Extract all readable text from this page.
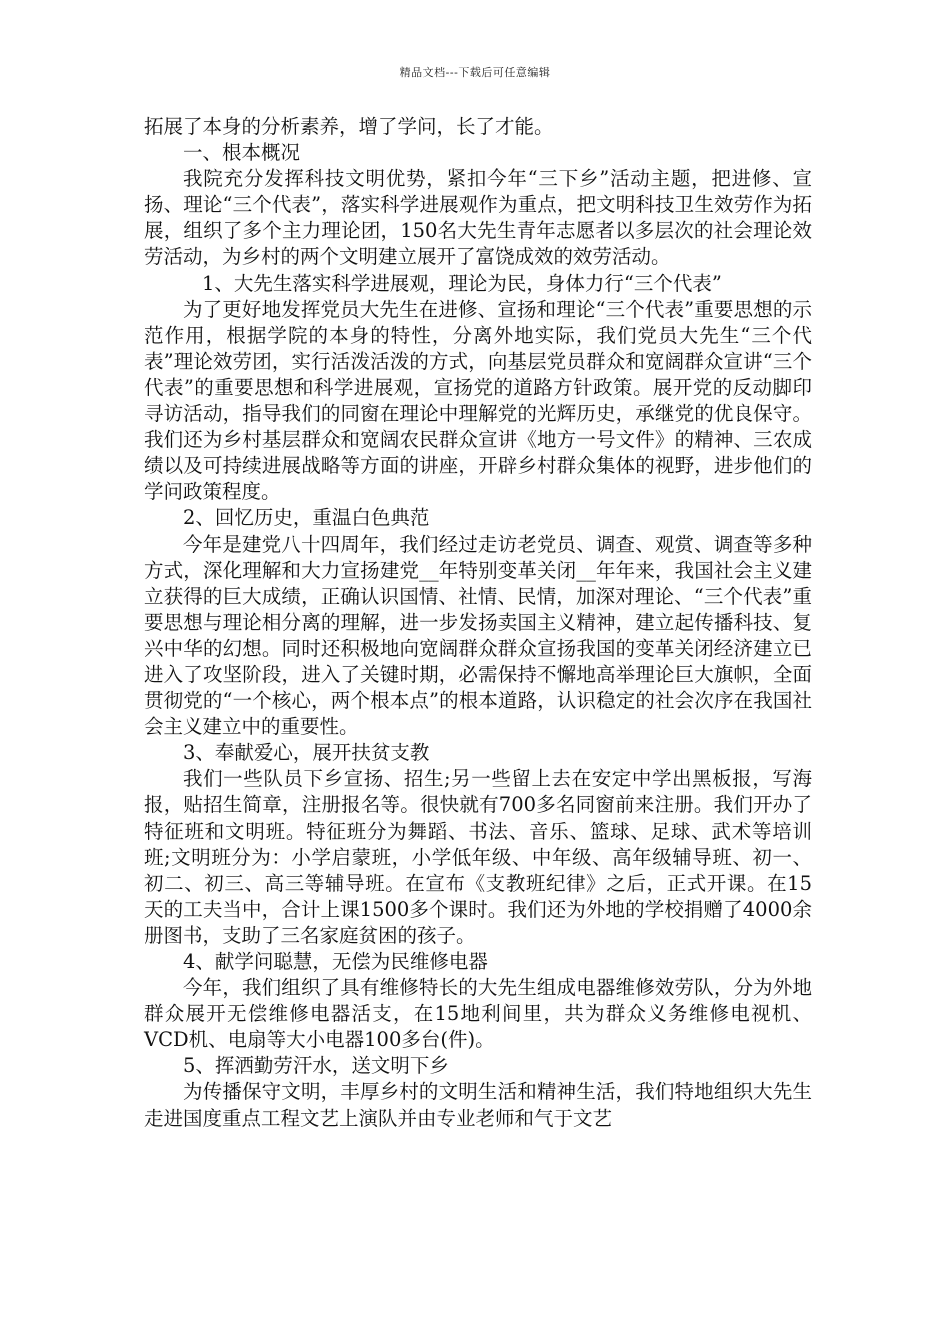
精品文档---下载后可任意编辑

拓展了本身的分析素养，增了学问，长了才能。

一、根本概况

我院充分发挥科技文明优势，紧扣今年“三下乡”活动主题，把进修、宣扬、理论“三个代表”，落实科学进展观作为重点，把文明科技卫生效劳作为拓展，组织了多个主力理论团，150名大先生青年志愿者以多层次的社会理论效劳活动，为乡村的两个文明建立展开了富饶成效的效劳活动。

1、大先生落实科学进展观，理论为民，身体力行“三个代表”

为了更好地发挥党员大先生在进修、宣扬和理论“三个代表”重要思想的示范作用，根据学院的本身的特性，分离外地实际，我们党员大先生“三个代表”理论效劳团，实行活泼活泼的方式，向基层党员群众和宽阔群众宣讲“三个代表”的重要思想和科学进展观，宣扬党的道路方针政策。展开党的反动脚印寻访活动，指导我们的同窗在理论中理解党的光辉历史，承继党的优良保守。我们还为乡村基层群众和宽阔农民群众宣讲《地方一号文件》的精神、三农成绩以及可持续进展战略等方面的讲座，开辟乡村群众集体的视野，进步他们的学问政策程度。

2、回忆历史，重温白色典范

今年是建党八十四周年，我们经过走访老党员、调查、观赏、调查等多种方式，深化理解和大力宣扬建党__年特别变革关闭__年年来，我国社会主义建立获得的巨大成绩，正确认识国情、社情、民情，加深对理论、“三个代表”重要思想与理论相分离的理解，进一步发扬卖国主义精神，建立起传播科技、复兴中华的幻想。同时还积极地向宽阔群众群众宣扬我国的变革关闭经济建立已进入了攻坚阶段，进入了关键时期，必需保持不懈地高举理论巨大旗帜，全面贯彻党的“一个核心，两个根本点”的根本道路，认识稳定的社会次序在我国社会主义建立中的重要性。

3、奉献爱心，展开扶贫支教

我们一些队员下乡宣扬、招生;另一些留上去在安定中学出黑板报，写海报，贴招生简章，注册报名等。很快就有700多名同窗前来注册。我们开办了特征班和文明班。特征班分为舞蹈、书法、音乐、篮球、足球、武术等培训班;文明班分为：小学启蒙班，小学低年级、中年级、高年级辅导班、初一、初二、初三、高三等辅导班。在宣布《支教班纪律》之后，正式开课。在15天的工夫当中，合计上课1500多个课时。我们还为外地的学校捐赠了4000余册图书，支助了三名家庭贫困的孩子。

4、献学问聪慧，无偿为民维修电器

今年，我们组织了具有维修特长的大先生组成电器维修效劳队，分为外地群众展开无偿维修电器活支，在15地利间里，共为群众义务维修电视机、VCD机、电扇等大小电器100多台(件)。

5、挥洒勤劳汗水，送文明下乡

为传播保守文明，丰厚乡村的文明生活和精神生活，我们特地组织大先生走进国度重点工程文艺上演队并由专业老师和气于文艺
